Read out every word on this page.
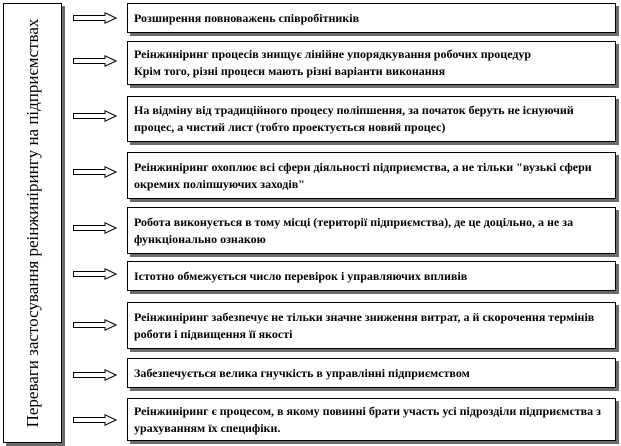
Переваги застосування реінжинірингу на підприємствах
Розширення повноважень співробітників
Реінжиніринг процесів знищує лінійне упорядкування робочих процедур
Крім того, різні процеси мають різні варіанти виконання
На відміну від традиційного процесу поліпшення, за початок беруть не існуючий процес, а чистий лист (тобто проектується новий процес)
Реінжиніринг охоплює всі сфери діяльності підприємства, а не тільки "вузькі сфери окремих поліпшуючих заходів"
Робота виконується в тому місці (території підприємства), де це доцільно, а не за функціонально ознакою
Істотно обмежується число перевірок і управляючих впливів
Реінжиніринг забезпечує не тільки значне зниження витрат, а й скорочення термінів роботи і підвищення її якості
Забезпечується велика гнучкість в управлінні підприємством
Реінжиніринг є процесом, в якому повинні брати участь усі підрозділи підприємства з урахуванням їх специфіки.
